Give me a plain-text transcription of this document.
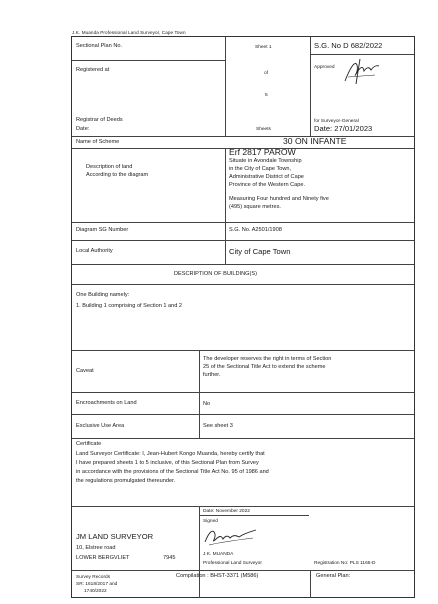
J.K. Muanda Professional Land Surveyor, Cape Town
Sectional Plan No.
Registered at
Registrar of Deeds
Date:
Sheet 1
of
5
Sheets
S.G. No D 682/2022
Approved
for Surveyor-General
Date: 27/01/2023
Name of Scheme	30 ON INFANTE
Description of land
According to the diagram
Erf 2817 PAROW
Situate in Avondale Township
in the City of Cape Town,
Administrative District of Cape
Province of the Western Cape.
Measuring Four hundred and Ninety five
(495) square metres.
Diagram SG Number	S.G. No. A2501/1908
Local Authority	City of Cape Town
DESCRIPTION OF BUILDING(S)
One Building namely:
1. Building 1 comprising of Section 1 and 2
Caveat
The developer reserves the right in terms of Section
25 of the Sectional Title Act to extend the scheme
further.
Encroachments on Land	No
Exclusive Use Area	See sheet 3
Certificate
Land Surveyor Certificate: I, Jean-Hubert Kongo Muanda, hereby certify that
I have prepared sheets 1 to 5 inclusive, of this Sectional Plan from Survey
in accordance with the provisions of the Sectional Title Act No. 95 of 1986 and
the regulations promulgated thereunder.
JM LAND SURVEYOR
10, Elstree road
LOWER BERGVLIET	7945
Date: November 2022
Signed
J.K. MUANDA
Professional Land Surveyor	Registration No: PLS 1165-D
Survey Records
SR: 1618/2017 and
1740/2022
Compilation : BHST-3371 (M586)	General Plan:
